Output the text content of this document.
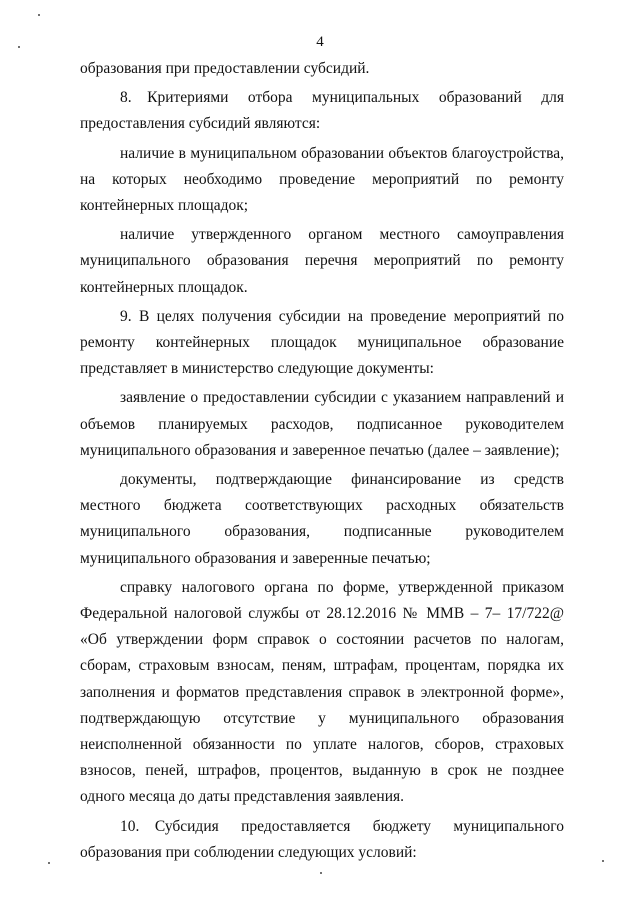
4

образования при предоставлении субсидий.

8. Критериями отбора муниципальных образований для предоставления субсидий являются:

наличие в муниципальном образовании объектов благоустройства, на которых необходимо проведение мероприятий по ремонту контейнерных площадок;

наличие утвержденного органом местного самоуправления муниципального образования перечня мероприятий по ремонту контейнерных площадок.

9. В целях получения субсидии на проведение мероприятий по ремонту контейнерных площадок муниципальное образование представляет в министерство следующие документы:

заявление о предоставлении субсидии с указанием направлений и объемов планируемых расходов, подписанное руководителем муниципального образования и заверенное печатью (далее – заявление);

документы, подтверждающие финансирование из средств местного бюджета соответствующих расходных обязательств муниципального образования, подписанные руководителем муниципального образования и заверенные печатью;

справку налогового органа по форме, утвержденной приказом Федеральной налоговой службы от 28.12.2016 № ММВ – 7– 17/722@ «Об утверждении форм справок о состоянии расчетов по налогам, сборам, страховым взносам, пеням, штрафам, процентам, порядка их заполнения и форматов представления справок в электронной форме», подтверждающую отсутствие у муниципального образования неисполненной обязанности по уплате налогов, сборов, страховых взносов, пеней, штрафов, процентов, выданную в срок не позднее одного месяца до даты представления заявления.

10. Субсидия предоставляется бюджету муниципального образования при соблюдении следующих условий:
